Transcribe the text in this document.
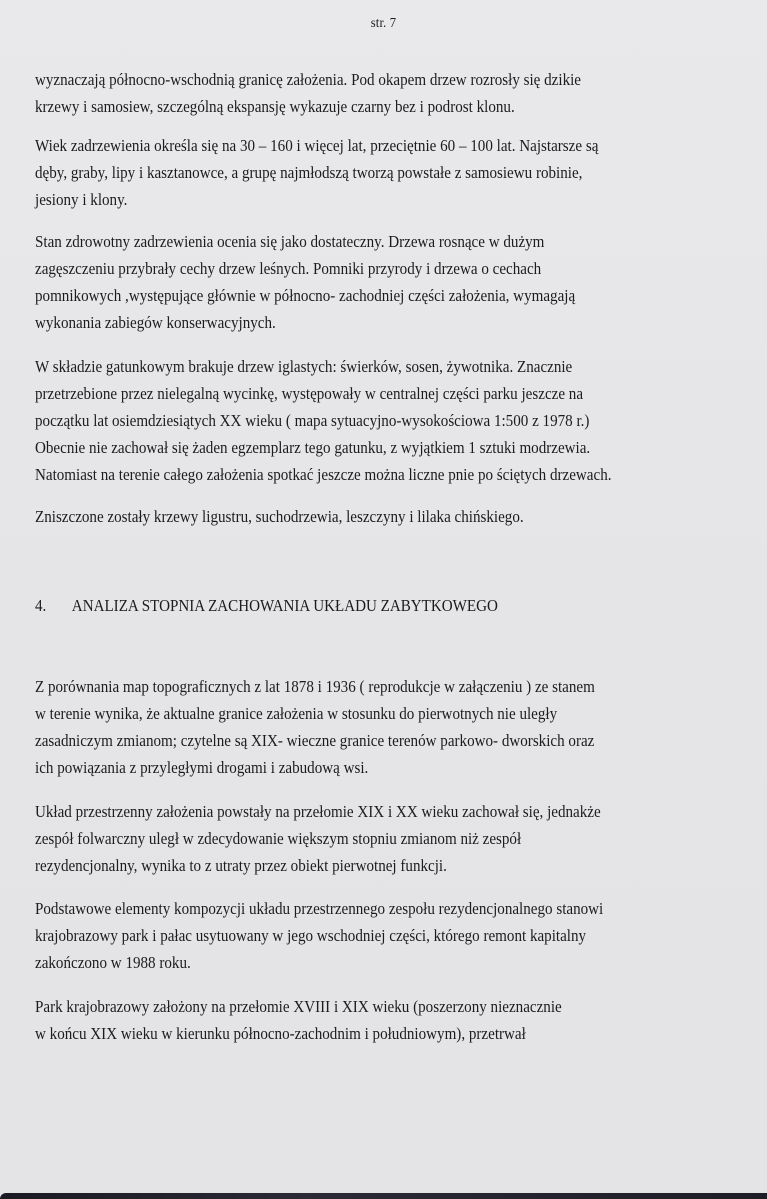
str. 7
wyznaczają północno-wschodnią granicę założenia. Pod okapem drzew rozrosły się dzikie
krzewy i samosiew, szczególną ekspansję wykazuje czarny bez i podrost klonu.
Wiek zadrzewienia określa się na 30 – 160 i więcej lat, przeciętnie 60 – 100 lat. Najstarsze są
dęby, graby, lipy i kasztanowce, a grupę najmłodszą tworzą powstałe z samosiewu robinie,
jesiony i klony.
Stan zdrowotny zadrzewienia ocenia się jako dostateczny. Drzewa rosnące w dużym
zagęszczeniu przybrały cechy drzew leśnych. Pomniki przyrody i drzewa o cechach
pomnikowych ,występujące głównie w północno- zachodniej części założenia, wymagają
wykonania zabiegów konserwacyjnych.
W składzie gatunkowym brakuje drzew iglastych: świerków, sosen, żywotnika. Znacznie
przetrzebione przez nielegalną wycinkę, występowały w centralnej części parku jeszcze na
początku lat osiemdziesiątych XX wieku ( mapa sytuacyjno-wysokościowa 1:500 z 1978 r.)
Obecnie nie zachował się żaden egzemplarz tego gatunku, z wyjątkiem 1 sztuki modrzewia.
Natomiast na terenie całego założenia spotkać jeszcze można liczne pnie po ściętych drzewach.
Zniszczone zostały krzewy ligustru, suchodrzewia, leszczyny i lilaka chińskiego.
4. ANALIZA STOPNIA ZACHOWANIA UKŁADU ZABYTKOWEGO
Z porównania map topograficznych z lat 1878 i 1936 ( reprodukcje w załączeniu ) ze stanem
w terenie wynika, że aktualne granice założenia w stosunku do pierwotnych nie uległy
zasadniczym zmianom; czytelne są XIX- wieczne granice terenów parkowo- dworskich oraz
ich powiązania z przyległymi drogami i zabudową wsi.
Układ przestrzenny założenia powstały na przełomie XIX i XX wieku zachował się, jednakże
zespół folwarczny uległ w zdecydowanie większym stopniu zmianom niż zespół
rezydencjonalny, wynika to z utraty przez obiekt pierwotnej funkcji.
Podstawowe elementy kompozycji układu przestrzennego zespołu rezydencjonalnego stanowi
krajobrazowy park i pałac usytuowany w jego wschodniej części, którego remont kapitalny
zakończono w 1988 roku.
Park krajobrazowy założony na przełomie XVIII i XIX wieku (poszerzony nieznacznie
w końcu XIX wieku w kierunku północno-zachodnim i południowym), przetrwał
